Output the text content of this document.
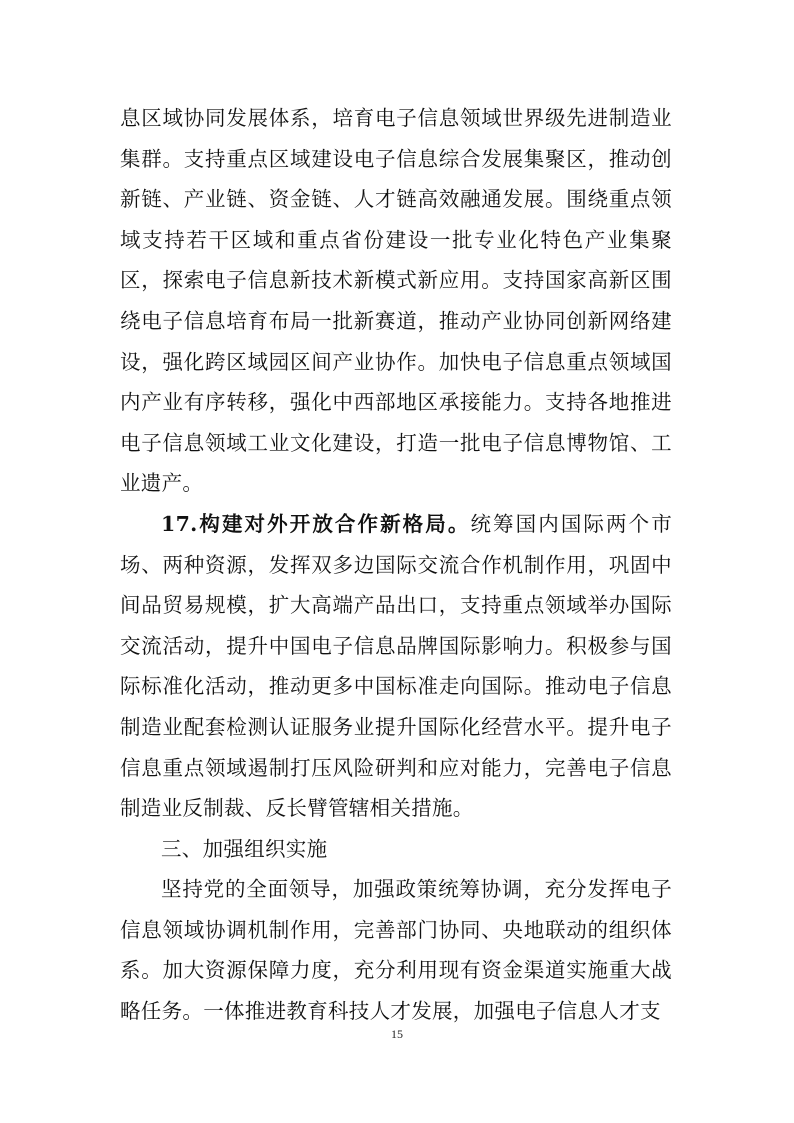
息区域协同发展体系，培育电子信息领域世界级先进制造业集群。支持重点区域建设电子信息综合发展集聚区，推动创新链、产业链、资金链、人才链高效融通发展。围绕重点领域支持若干区域和重点省份建设一批专业化特色产业集聚区，探索电子信息新技术新模式新应用。支持国家高新区围绕电子信息培育布局一批新赛道，推动产业协同创新网络建设，强化跨区域园区间产业协作。加快电子信息重点领域国内产业有序转移，强化中西部地区承接能力。支持各地推进电子信息领域工业文化建设，打造一批电子信息博物馆、工业遗产。

17.构建对外开放合作新格局。统筹国内国际两个市场、两种资源，发挥双多边国际交流合作机制作用，巩固中间品贸易规模，扩大高端产品出口，支持重点领域举办国际交流活动，提升中国电子信息品牌国际影响力。积极参与国际标准化活动，推动更多中国标准走向国际。推动电子信息制造业配套检测认证服务业提升国际化经营水平。提升电子信息重点领域遏制打压风险研判和应对能力，完善电子信息制造业反制裁、反长臂管辖相关措施。

三、加强组织实施

坚持党的全面领导，加强政策统筹协调，充分发挥电子信息领域协调机制作用，完善部门协同、央地联动的组织体系。加大资源保障力度，充分利用现有资金渠道实施重大战略任务。一体推进教育科技人才发展，加强电子信息人才支

15
